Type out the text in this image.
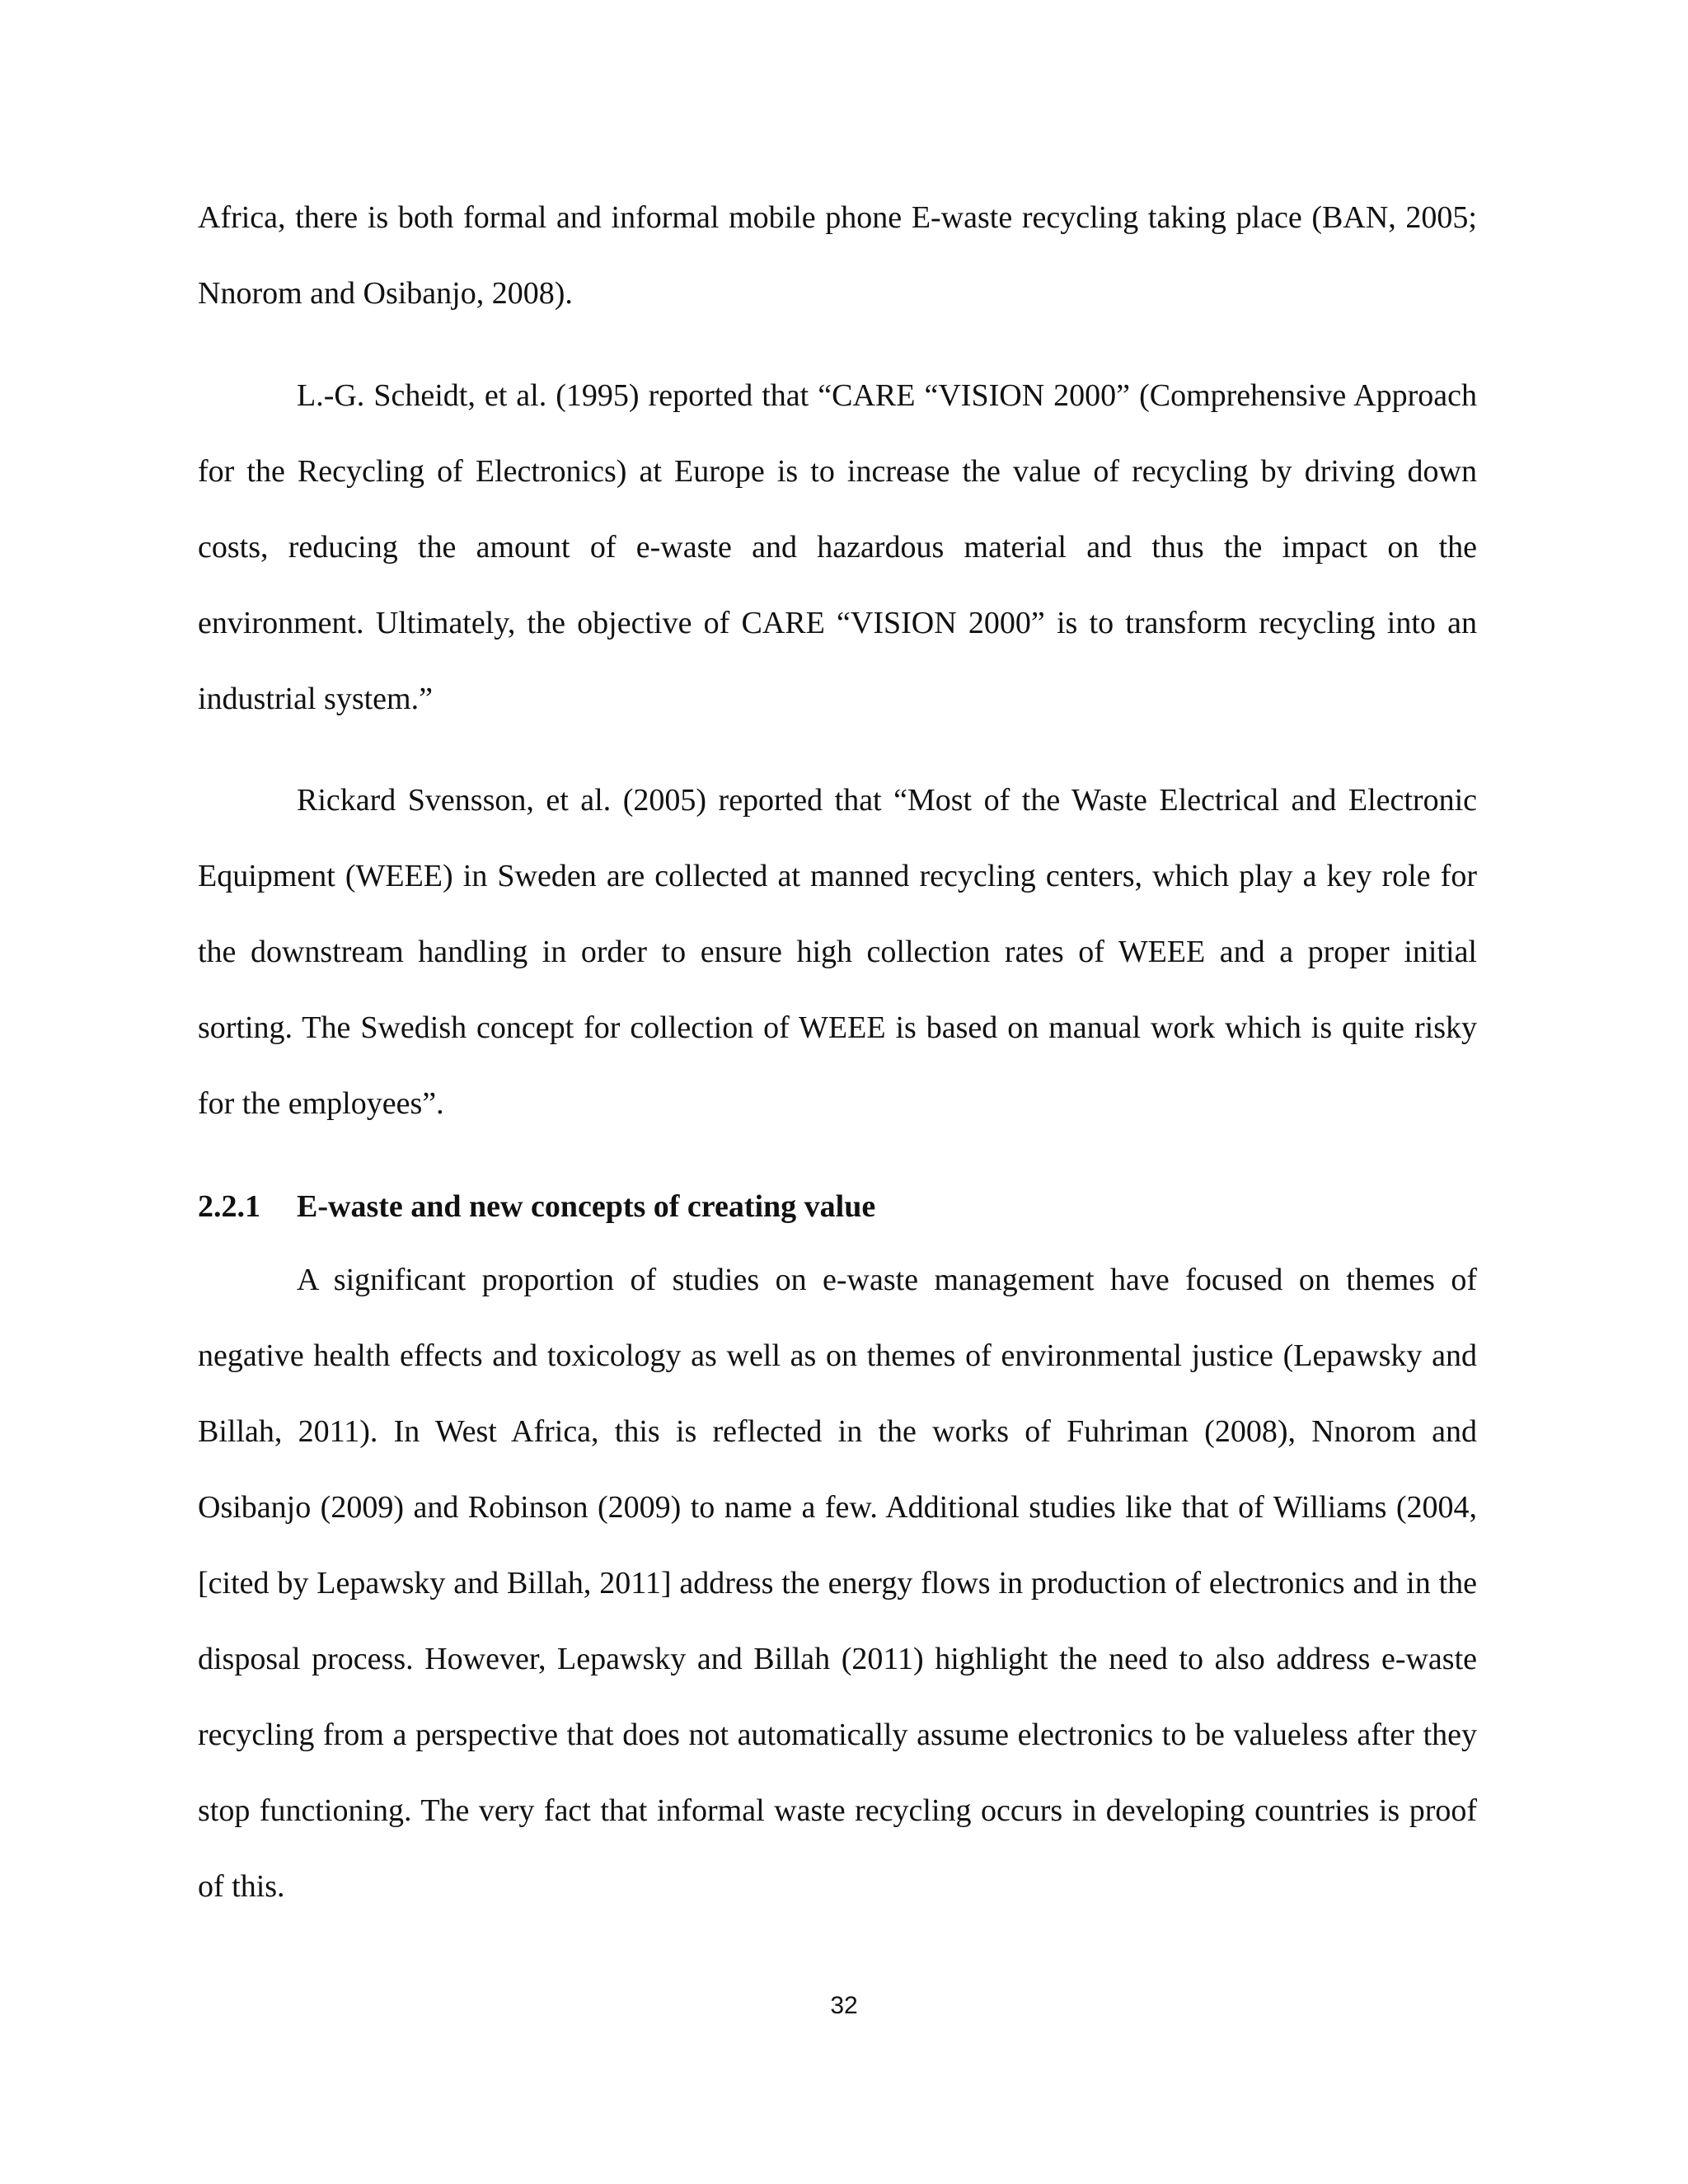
Africa, there is both formal and informal mobile phone E-waste recycling taking place (BAN, 2005; Nnorom and Osibanjo, 2008).

L.-G. Scheidt, et al. (1995) reported that “CARE “VISION 2000” (Comprehensive Approach for the Recycling of Electronics) at Europe is to increase the value of recycling by driving down costs, reducing the amount of e-waste and hazardous material and thus the impact on the environment. Ultimately, the objective of CARE “VISION 2000” is to transform recycling into an industrial system.”

Rickard Svensson, et al. (2005) reported that “Most of the Waste Electrical and Electronic Equipment (WEEE) in Sweden are collected at manned recycling centers, which play a key role for the downstream handling in order to ensure high collection rates of WEEE and a proper initial sorting. The Swedish concept for collection of WEEE is based on manual work which is quite risky for the employees”.

2.2.1 E-waste and new concepts of creating value

A significant proportion of studies on e-waste management have focused on themes of negative health effects and toxicology as well as on themes of environmental justice (Lepawsky and Billah, 2011). In West Africa, this is reflected in the works of Fuhriman (2008), Nnorom and Osibanjo (2009) and Robinson (2009) to name a few. Additional studies like that of Williams (2004, [cited by Lepawsky and Billah, 2011] address the energy flows in production of electronics and in the disposal process. However, Lepawsky and Billah (2011) highlight the need to also address e-waste recycling from a perspective that does not automatically assume electronics to be valueless after they stop functioning. The very fact that informal waste recycling occurs in developing countries is proof of this.

32
